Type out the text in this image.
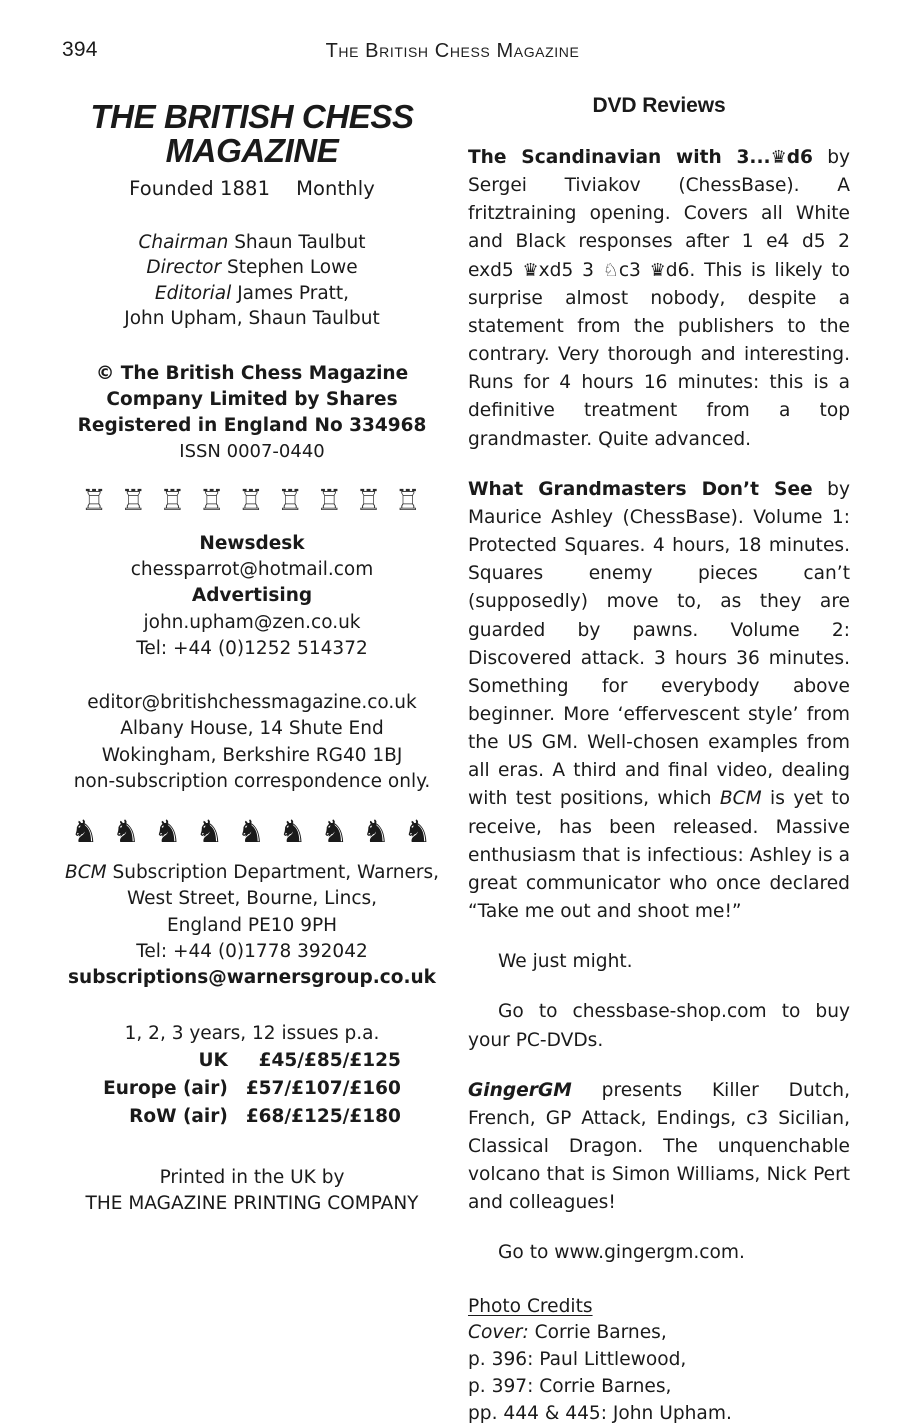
394	The British Chess Magazine
THE BRITISH CHESS
MAGAZINE
Founded 1881 Monthly
Chairman Shaun Taulbut
Director Stephen Lowe
Editorial James Pratt,
John Upham, Shaun Taulbut
© The British Chess Magazine
Company Limited by Shares
Registered in England No 334968
ISSN 0007-0440
♖ ♖ ♖ ♖ ♖ ♖ ♖ ♖ ♖
Newsdesk
chessparrot@hotmail.com
Advertising
john.upham@zen.co.uk
Tel: +44 (0)1252 514372
editor@britishchessmagazine.co.uk
Albany House, 14 Shute End
Wokingham, Berkshire RG40 1BJ
non-subscription correspondence only.
♞ ♞ ♞ ♞ ♞ ♞ ♞ ♞ ♞
BCM Subscription Department, Warners,
West Street, Bourne, Lincs,
England PE10 9PH
Tel: +44 (0)1778 392042
subscriptions@warnersgroup.co.uk
1, 2, 3 years, 12 issues p.a.
UK	£45/£85/£125
Europe (air)	£57/£107/£160
RoW (air)	£68/£125/£180
Printed in the UK by
THE MAGAZINE PRINTING COMPANY
DVD Reviews

The Scandinavian with 3...♛d6 by Sergei Tiviakov (ChessBase). A fritztraining opening. Covers all White and Black responses after 1 e4 d5 2 exd5 ♛xd5 3 ♘c3 ♛d6. This is likely to surprise almost nobody, despite a statement from the publishers to the contrary. Very thorough and interesting. Runs for 4 hours 16 minutes: this is a definitive treatment from a top grandmaster. Quite advanced.

What Grandmasters Don’t See by Maurice Ashley (ChessBase). Volume 1: Protected Squares. 4 hours, 18 minutes. Squares enemy pieces can’t (supposedly) move to, as they are guarded by pawns. Volume 2: Discovered attack. 3 hours 36 minutes. Something for everybody above beginner. More ‘effervescent style’ from the US GM. Well-chosen examples from all eras. A third and final video, dealing with test positions, which BCM is yet to receive, has been released. Massive enthusiasm that is infectious: Ashley is a great communicator who once declared “Take me out and shoot me!”

We just might.

Go to chessbase-shop.com to buy your PC-DVDs.

GingerGM presents Killer Dutch, French, GP Attack, Endings, c3 Sicilian, Classical Dragon. The unquenchable volcano that is Simon Williams, Nick Pert and colleagues!

Go to www.gingergm.com.

Photo Credits
Cover: Corrie Barnes,
p. 396: Paul Littlewood,
p. 397: Corrie Barnes,
pp. 444 & 445: John Upham.
